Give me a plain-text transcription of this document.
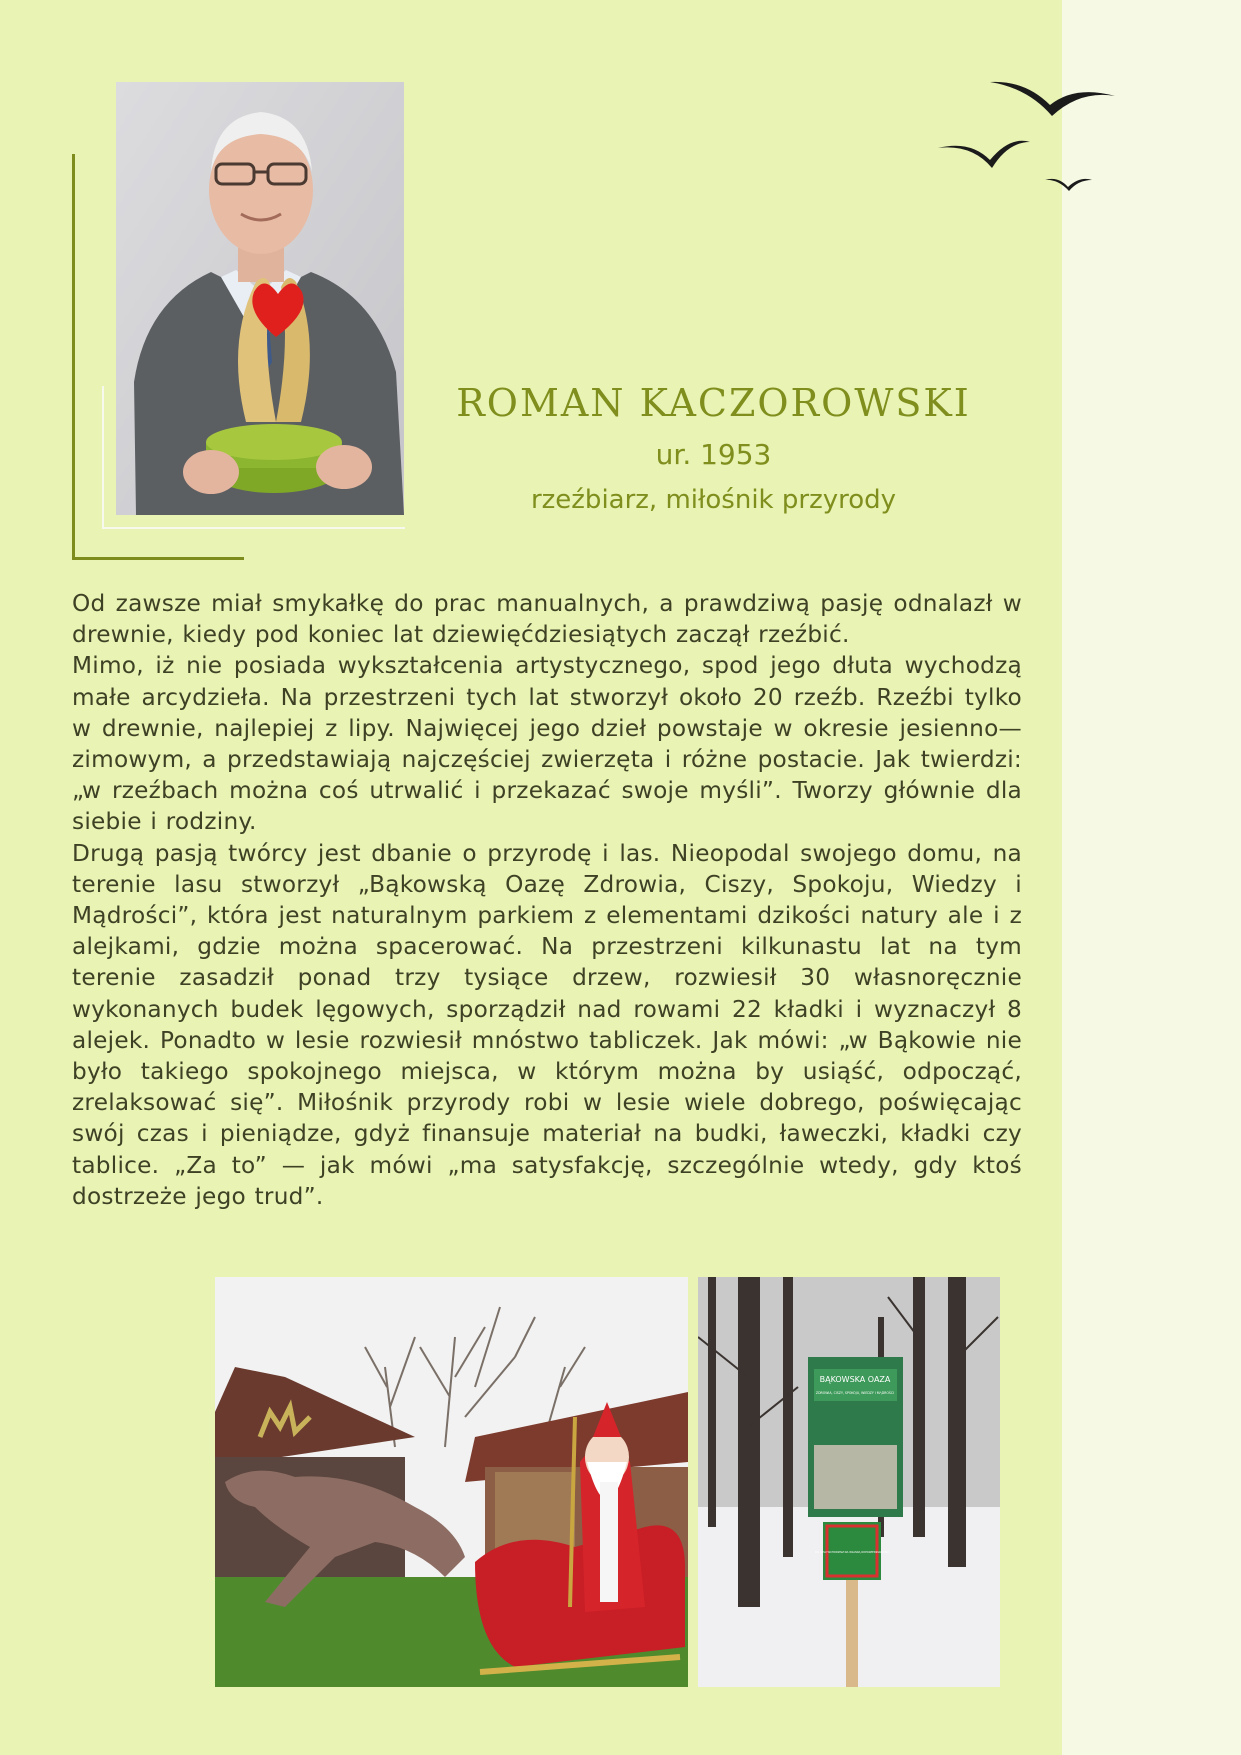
ROMAN KACZOROWSKI
ur. 1953
rzeźbiarz, miłośnik przyrody

Od zawsze miał smykałkę do prac manualnych, a prawdziwą pasję odnalazł w drewnie, kiedy pod koniec lat dziewięćdziesiątych zaczął rzeźbić.

Mimo, iż nie posiada wykształcenia artystycznego, spod jego dłuta wychodzą małe arcydzieła. Na przestrzeni tych lat stworzył około 20 rzeźb. Rzeźbi tylko w drewnie, najlepiej z lipy. Najwięcej jego dzieł powstaje w okresie jesienno—zimowym, a przedstawiają najczęściej zwierzęta i różne postacie. Jak twierdzi: „w rzeźbach można coś utrwalić i przekazać swoje myśli”. Tworzy głównie dla siebie i rodziny.

Drugą pasją twórcy jest dbanie o przyrodę i las. Nieopodal swojego domu, na terenie lasu stworzył „Bąkowską Oazę Zdrowia, Ciszy, Spokoju, Wiedzy i Mądrości”, która jest naturalnym parkiem z elementami dzikości natury ale i z alejkami, gdzie można spacerować. Na przestrzeni kilkunastu lat na tym terenie zasadził ponad trzy tysiące drzew, rozwiesił 30 własnoręcznie wykonanych budek lęgowych, sporządził nad rowami 22 kładki i wyznaczył 8 alejek. Ponadto w lesie rozwiesił mnóstwo tabliczek. Jak mówi: „w Bąkowie nie było takiego spokojnego miejsca, w którym można by usiąść, odpocząć, zrelaksować się”. Miłośnik przyrody robi w lesie wiele dobrego, poświęcając swój czas i pieniądze, gdyż finansuje materiał na budki, ławeczki, kładki czy tablice. „Za to” — jak mówi „ma satysfakcję, szczególnie wtedy, gdy ktoś dostrzeże jego trud”.

BĄKOWSKA OAZA
ZDROWIA, CISZY, SPOKOJU, WIEDZY I MĄDROŚCI
DO LASU WCHODZISZ NA WŁASNĄ ODPOWIEDZIALNOŚĆ
